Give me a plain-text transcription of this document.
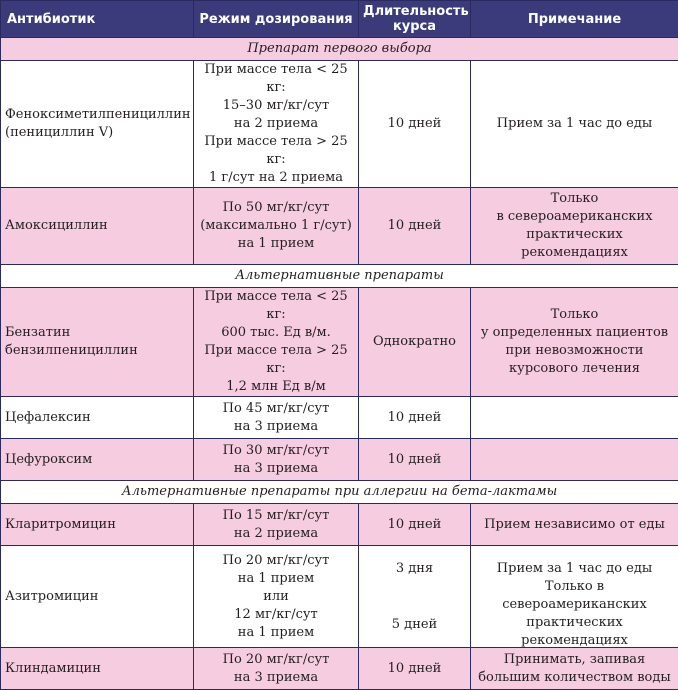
Антибиотик	Режим дозирования	Длительность курса	Примечание
Препарат первого выбора			

Феноксиметилпенициллин
(пенициллин V)	При массе тела < 25 кг:
15–30 мг/кг/сут
на 2 приема
При массе тела > 25 кг:
1 г/сут на 2 приема	10 дней	Прием за 1 час до еды

Амоксициллин	По 50 мг/кг/сут
(максимально 1 г/сут)
на 1 прием	10 дней	Только
в североамериканских
практических
рекомендациях

Альтернативные препараты			

Бензатин
бензилпенициллин	При массе тела < 25 кг:
600 тыс. Ед в/м.
При массе тела > 25 кг:
1,2 млн Ед в/м	Однократно	Только
у определенных пациентов
при невозможности
курсового лечения

Цефалексин	По 45 мг/кг/сут
на 3 приема	10 дней	

Цефуроксим	По 30 мг/кг/сут
на 3 приема	10 дней	
Альтернативные препараты при аллергии на бета-лактамы			

Кларитромицин	По 15 мг/кг/сут
на 2 приема	10 дней	Прием независимо от еды

Азитромицин	По 20 мг/кг/сут
на 1 прием
или
12 мг/кг/сут
на 1 прием	3 дня
5 дней	Прием за 1 час до еды
Только в североамериканских
практических рекомендациях

Клиндамицин	По 20 мг/кг/сут
на 3 приема	10 дней	Принимать, запивая
большим количеством воды
